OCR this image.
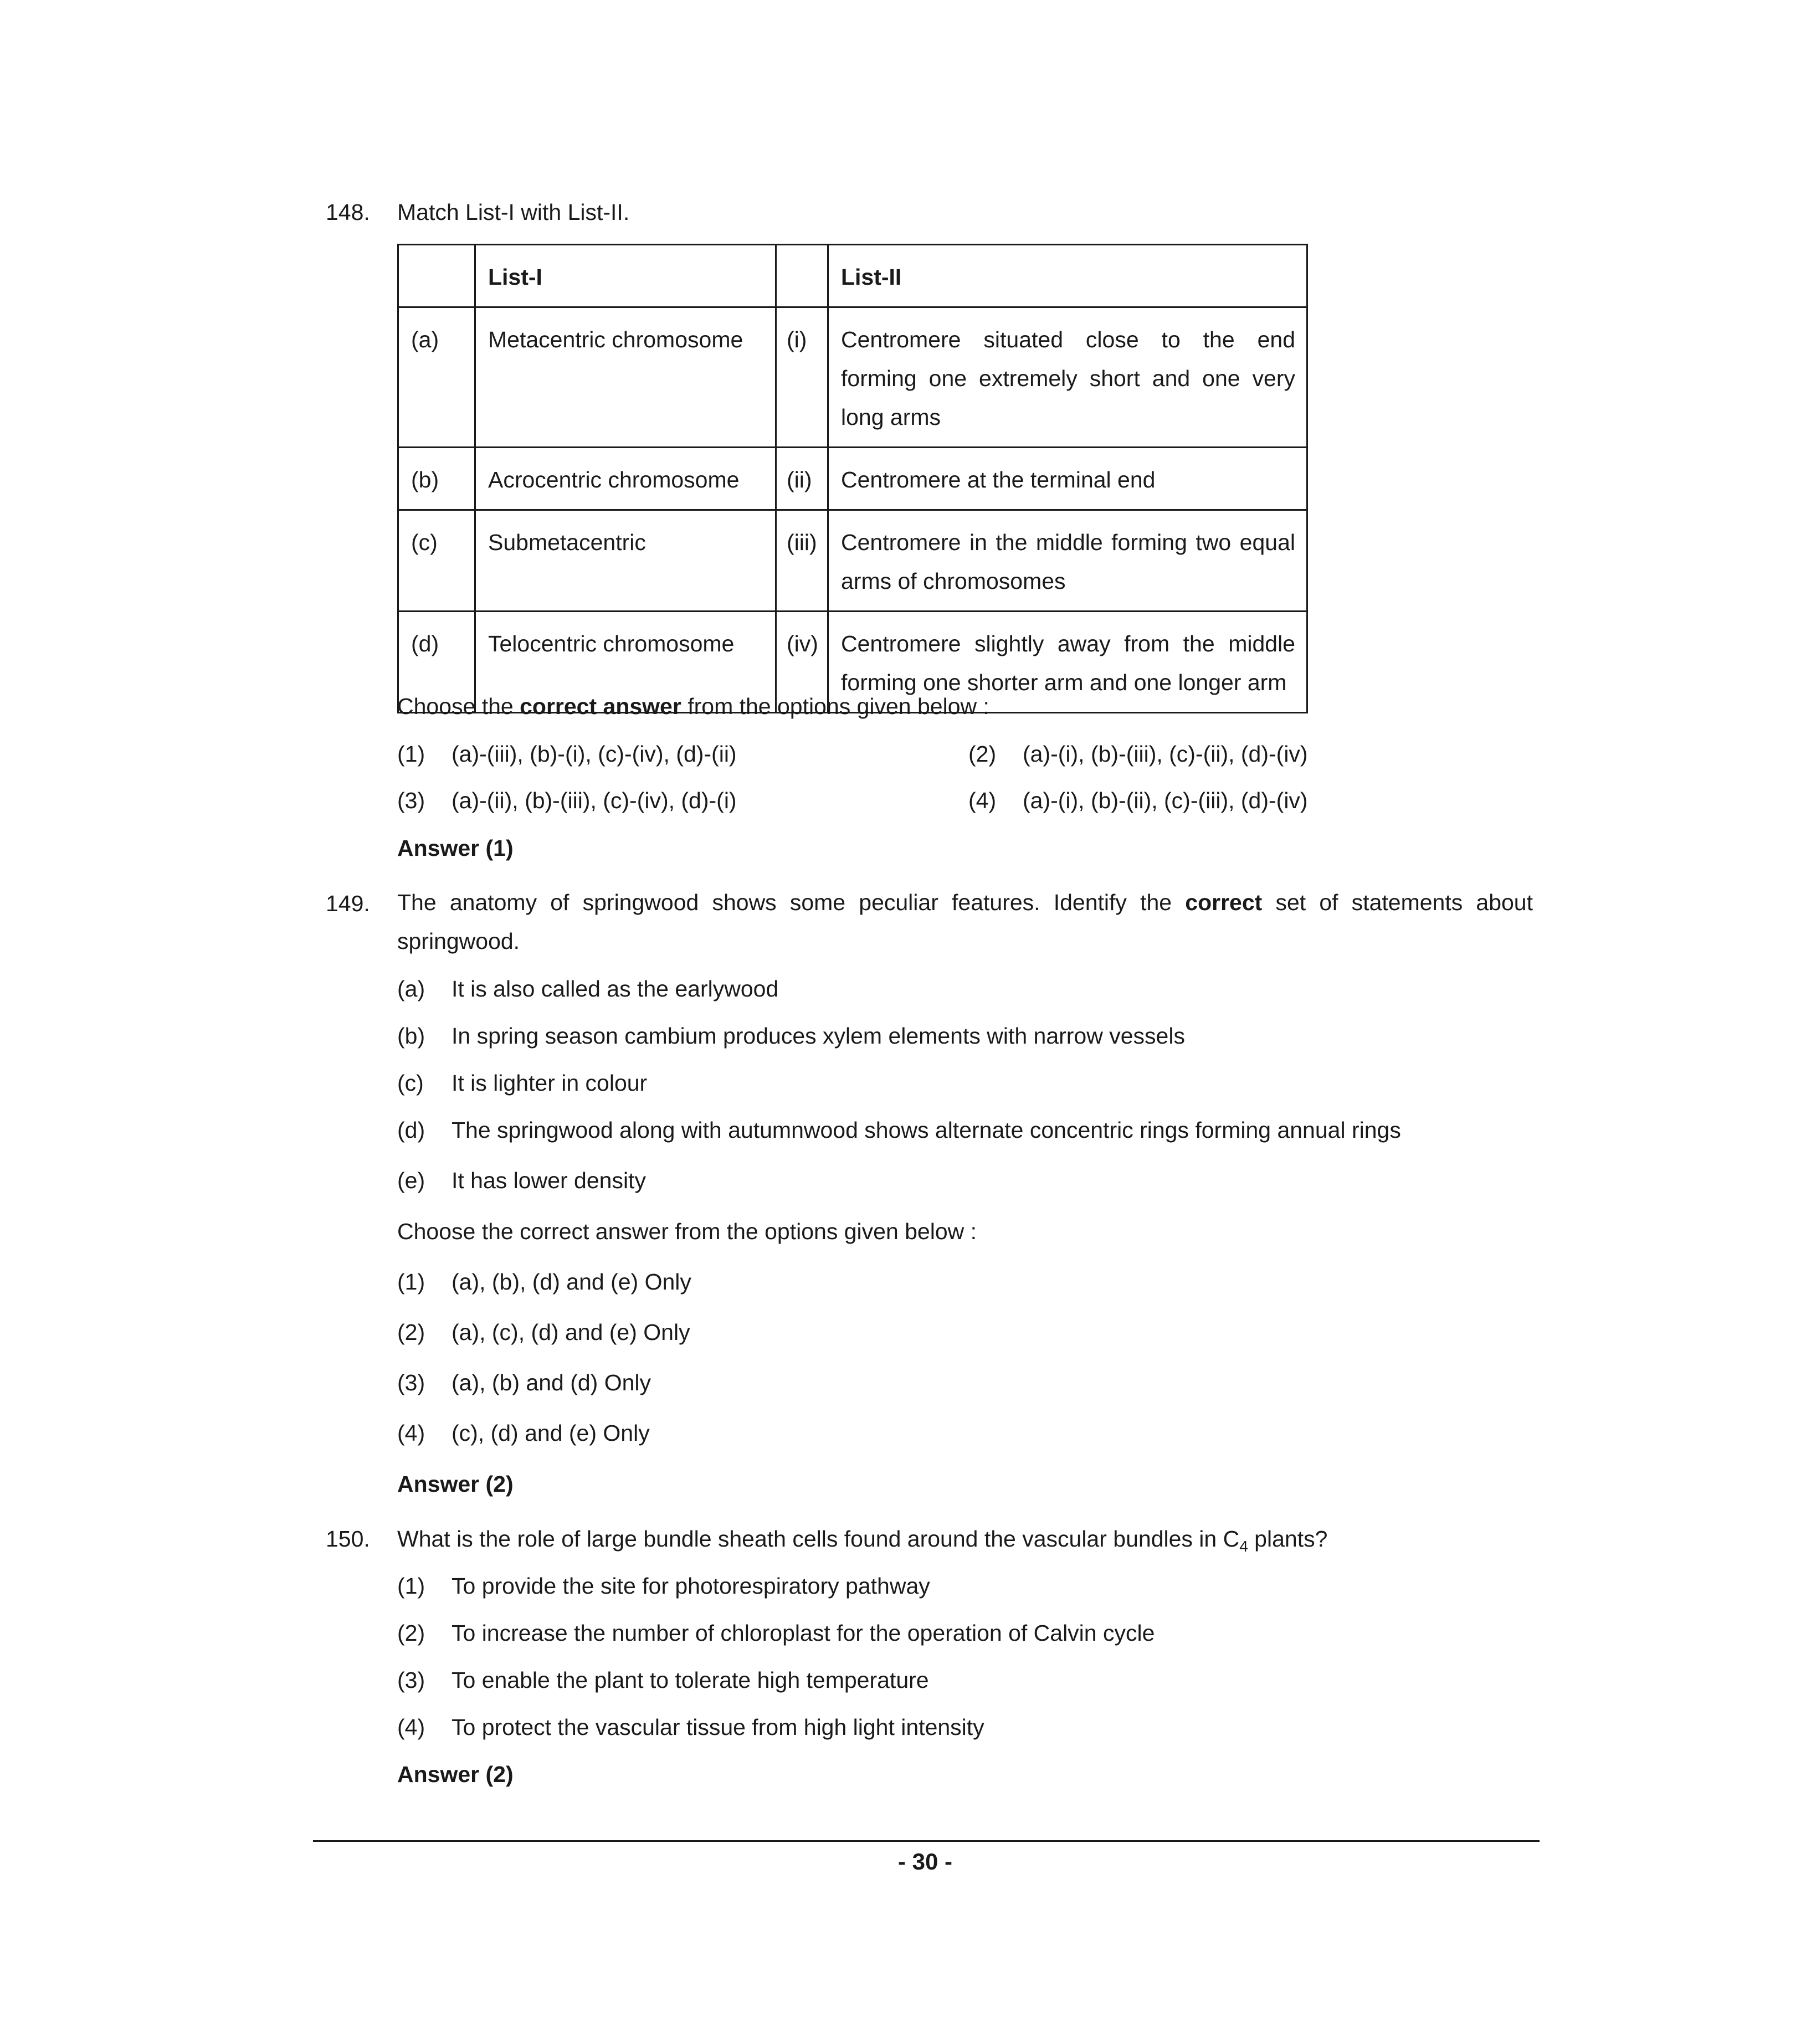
148. Match List-I with List-II.
	List-I		List-II
(a)	Metacentric chromosome	(i)	Centromere situated close to the end forming one extremely short and one very long arms
(b)	Acrocentric chromosome	(ii)	Centromere at the terminal end
(c)	Submetacentric	(iii)	Centromere in the middle forming two equal arms of chromosomes
(d)	Telocentric chromosome	(iv)	Centromere slightly away from the middle forming one shorter arm and one longer arm
Choose the correct answer from the options given below :
(1) (a)-(iii), (b)-(i), (c)-(iv), (d)-(ii)	(2) (a)-(i), (b)-(iii), (c)-(ii), (d)-(iv)
(3) (a)-(ii), (b)-(iii), (c)-(iv), (d)-(i)	(4) (a)-(i), (b)-(ii), (c)-(iii), (d)-(iv)
Answer (1)
149. The anatomy of springwood shows some peculiar features. Identify the correct set of statements about springwood.
(a) It is also called as the earlywood
(b) In spring season cambium produces xylem elements with narrow vessels
(c) It is lighter in colour
(d) The springwood along with autumnwood shows alternate concentric rings forming annual rings
(e) It has lower density
Choose the correct answer from the options given below :
(1) (a), (b), (d) and (e) Only
(2) (a), (c), (d) and (e) Only
(3) (a), (b) and (d) Only
(4) (c), (d) and (e) Only
Answer (2)
150. What is the role of large bundle sheath cells found around the vascular bundles in $C_4$ plants?
(1) To provide the site for photorespiratory pathway
(2) To increase the number of chloroplast for the operation of Calvin cycle
(3) To enable the plant to tolerate high temperature
(4) To protect the vascular tissue from high light intensity
Answer (2)
- 30 -
